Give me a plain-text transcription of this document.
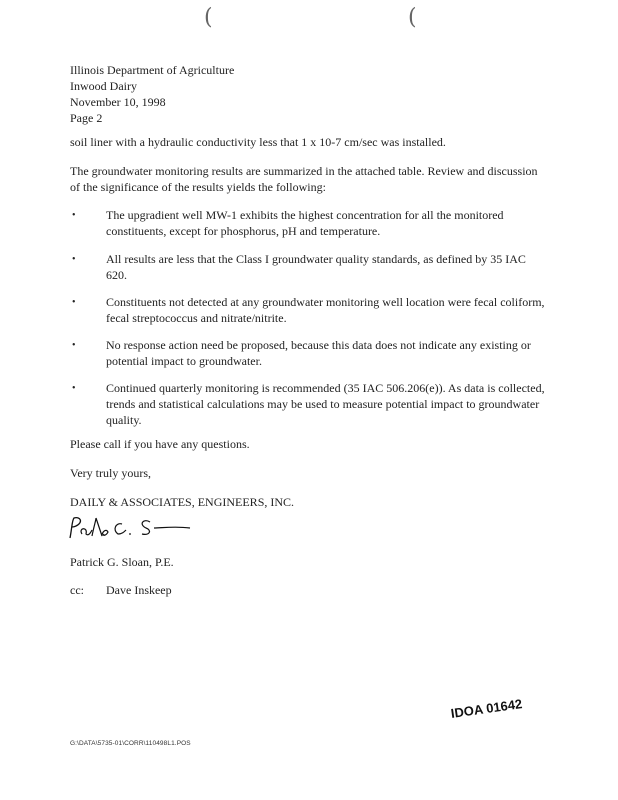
(	(
Illinois Department of Agriculture
Inwood Dairy
November 10, 1998
Page 2
soil liner with a hydraulic conductivity less that 1 x 10-7 cm/sec was installed.
The groundwater monitoring results are summarized in the attached table. Review and discussion of the significance of the results yields the following:
•	The upgradient well MW-1 exhibits the highest concentration for all the monitored constituents, except for phosphorus, pH and temperature.
•	All results are less that the Class I groundwater quality standards, as defined by 35 IAC 620.
•	Constituents not detected at any groundwater monitoring well location were fecal coliform, fecal streptococcus and nitrate/nitrite.
•	No response action need be proposed, because this data does not indicate any existing or potential impact to groundwater.
•	Continued quarterly monitoring is recommended (35 IAC 506.206(e)). As data is collected, trends and statistical calculations may be used to measure potential impact to groundwater quality.
Please call if you have any questions.
Very truly yours,
DAILY & ASSOCIATES, ENGINEERS, INC.
Patrick G. Sloan, P.E.
cc: Dave Inskeep
IDOA 01642
G:\DATA\5735-01\CORR\110498L1.POS
